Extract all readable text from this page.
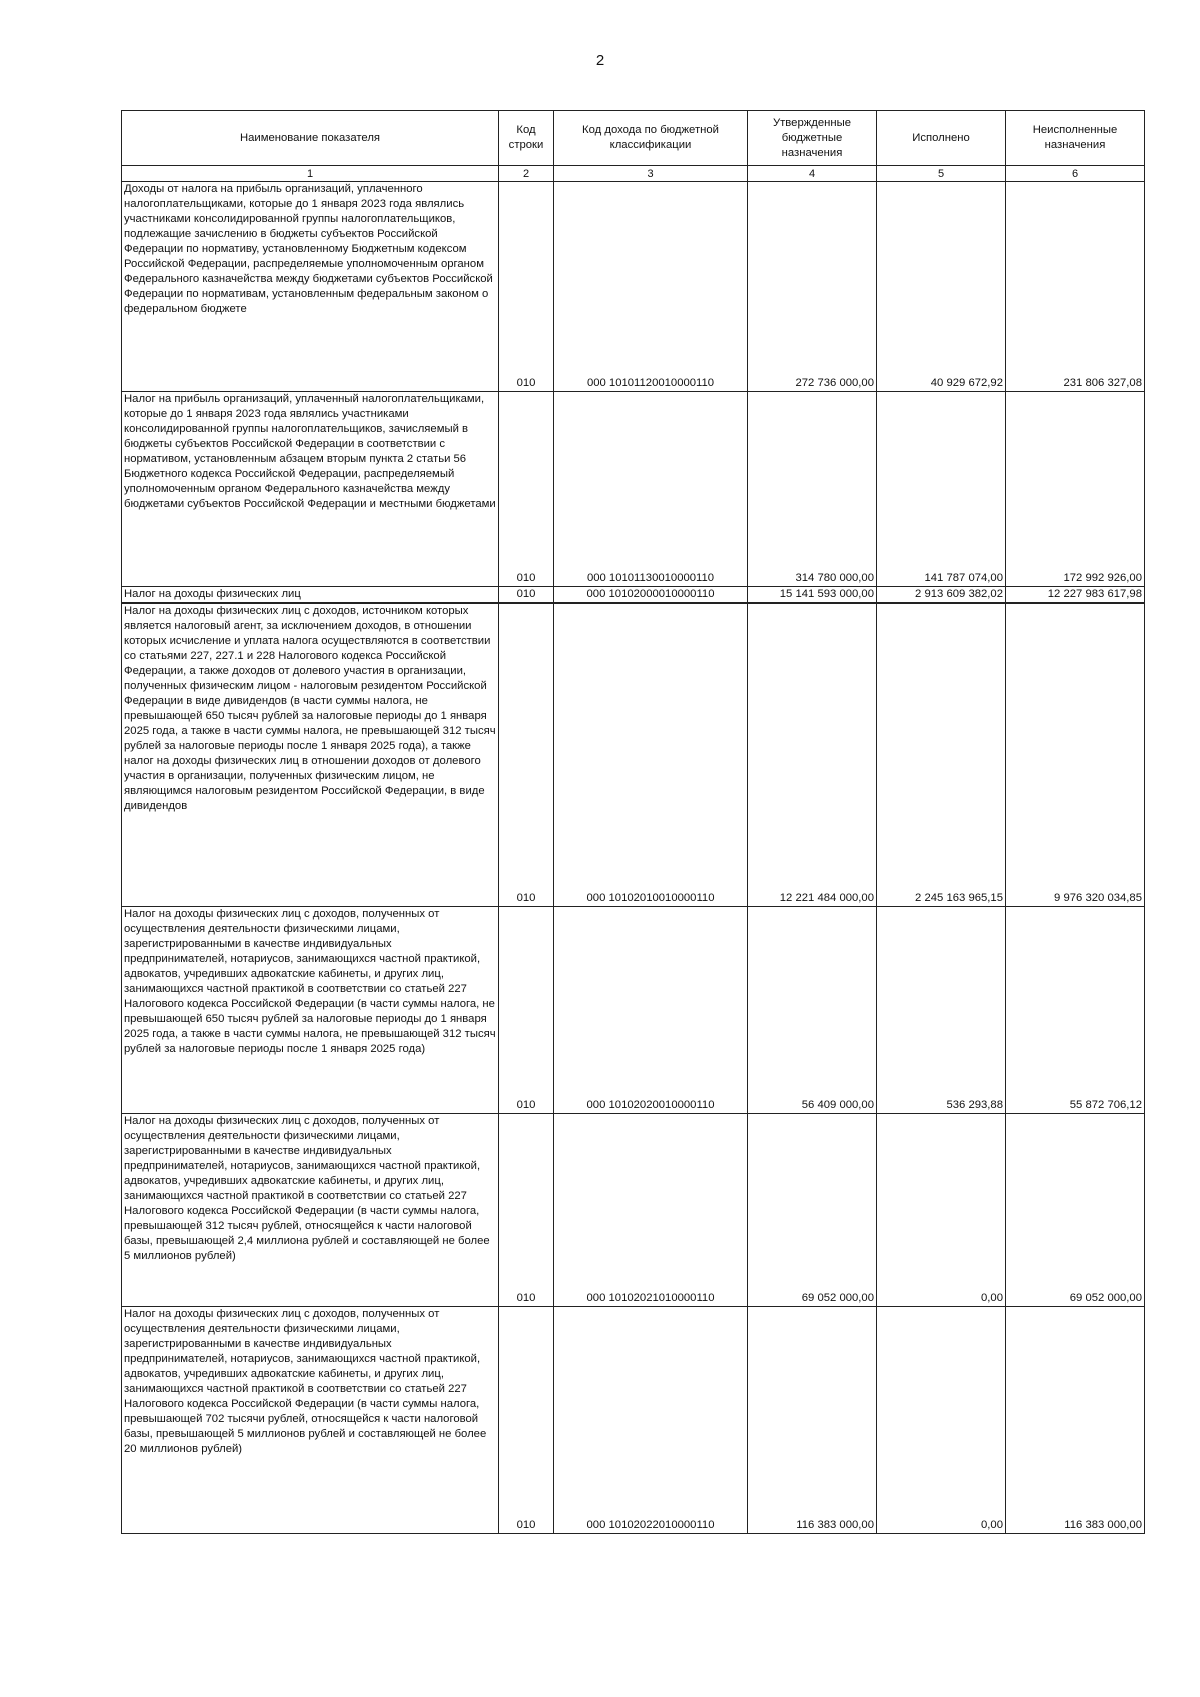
2
Наименование показателя	Код строки	Код дохода по бюджетной классификации	Утвержденные бюджетные назначения	Исполнено	Неисполненные назначения
1	2	3	4	5	6
Доходы от налога на прибыль организаций, уплаченного налогоплательщиками, которые до 1 января 2023 года являлись участниками консолидированной группы налогоплательщиков, подлежащие зачислению в бюджеты субъектов Российской Федерации по нормативу, установленному Бюджетным кодексом Российской Федерации, распределяемые уполномоченным органом Федерального казначейства между бюджетами субъектов Российской Федерации по нормативам, установленным федеральным законом о федеральном бюджете	010	000 10101120010000110	272 736 000,00	40 929 672,92	231 806 327,08
Налог на прибыль организаций, уплаченный налогоплательщиками, которые до 1 января 2023 года являлись участниками консолидированной группы налогоплательщиков, зачисляемый в бюджеты субъектов Российской Федерации в соответствии с нормативом, установленным абзацем вторым пункта 2 статьи 56 Бюджетного кодекса Российской Федерации, распределяемый уполномоченным органом Федерального казначейства между бюджетами субъектов Российской Федерации и местными бюджетами	010	000 10101130010000110	314 780 000,00	141 787 074,00	172 992 926,00
Налог на доходы физических лиц	010	000 10102000010000110	15 141 593 000,00	2 913 609 382,02	12 227 983 617,98
Налог на доходы физических лиц с доходов, источником которых является налоговый агент, за исключением доходов, в отношении которых исчисление и уплата налога осуществляются в соответствии со статьями 227, 227.1 и 228 Налогового кодекса Российской Федерации, а также доходов от долевого участия в организации, полученных физическим лицом - налоговым резидентом Российской Федерации в виде дивидендов (в части суммы налога, не превышающей 650 тысяч рублей за налоговые периоды до 1 января 2025 года, а также в части суммы налога, не превышающей 312 тысяч рублей за налоговые периоды после 1 января 2025 года), а также налог на доходы физических лиц в отношении доходов от долевого участия в организации, полученных физическим лицом, не являющимся налоговым резидентом Российской Федерации, в виде дивидендов	010	000 10102010010000110	12 221 484 000,00	2 245 163 965,15	9 976 320 034,85
Налог на доходы физических лиц с доходов, полученных от осуществления деятельности физическими лицами, зарегистрированными в качестве индивидуальных предпринимателей, нотариусов, занимающихся частной практикой, адвокатов, учредивших адвокатские кабинеты, и других лиц, занимающихся частной практикой в соответствии со статьей 227 Налогового кодекса Российской Федерации (в части суммы налога, не превышающей 650 тысяч рублей за налоговые периоды до 1 января 2025 года, а также в части суммы налога, не превышающей 312 тысяч рублей за налоговые периоды после 1 января 2025 года)	010	000 10102020010000110	56 409 000,00	536 293,88	55 872 706,12
Налог на доходы физических лиц с доходов, полученных от осуществления деятельности физическими лицами, зарегистрированными в качестве индивидуальных предпринимателей, нотариусов, занимающихся частной практикой, адвокатов, учредивших адвокатские кабинеты, и других лиц, занимающихся частной практикой в соответствии со статьей 227 Налогового кодекса Российской Федерации (в части суммы налога, превышающей 312 тысяч рублей, относящейся к части налоговой базы, превышающей 2,4 миллиона рублей и составляющей не более 5 миллионов рублей)	010	000 10102021010000110	69 052 000,00	0,00	69 052 000,00
Налог на доходы физических лиц с доходов, полученных от осуществления деятельности физическими лицами, зарегистрированными в качестве индивидуальных предпринимателей, нотариусов, занимающихся частной практикой, адвокатов, учредивших адвокатские кабинеты, и других лиц, занимающихся частной практикой в соответствии со статьей 227 Налогового кодекса Российской Федерации (в части суммы налога, превышающей 702 тысячи рублей, относящейся к части налоговой базы, превышающей 5 миллионов рублей и составляющей не более 20 миллионов рублей)	010	000 10102022010000110	116 383 000,00	0,00	116 383 000,00
